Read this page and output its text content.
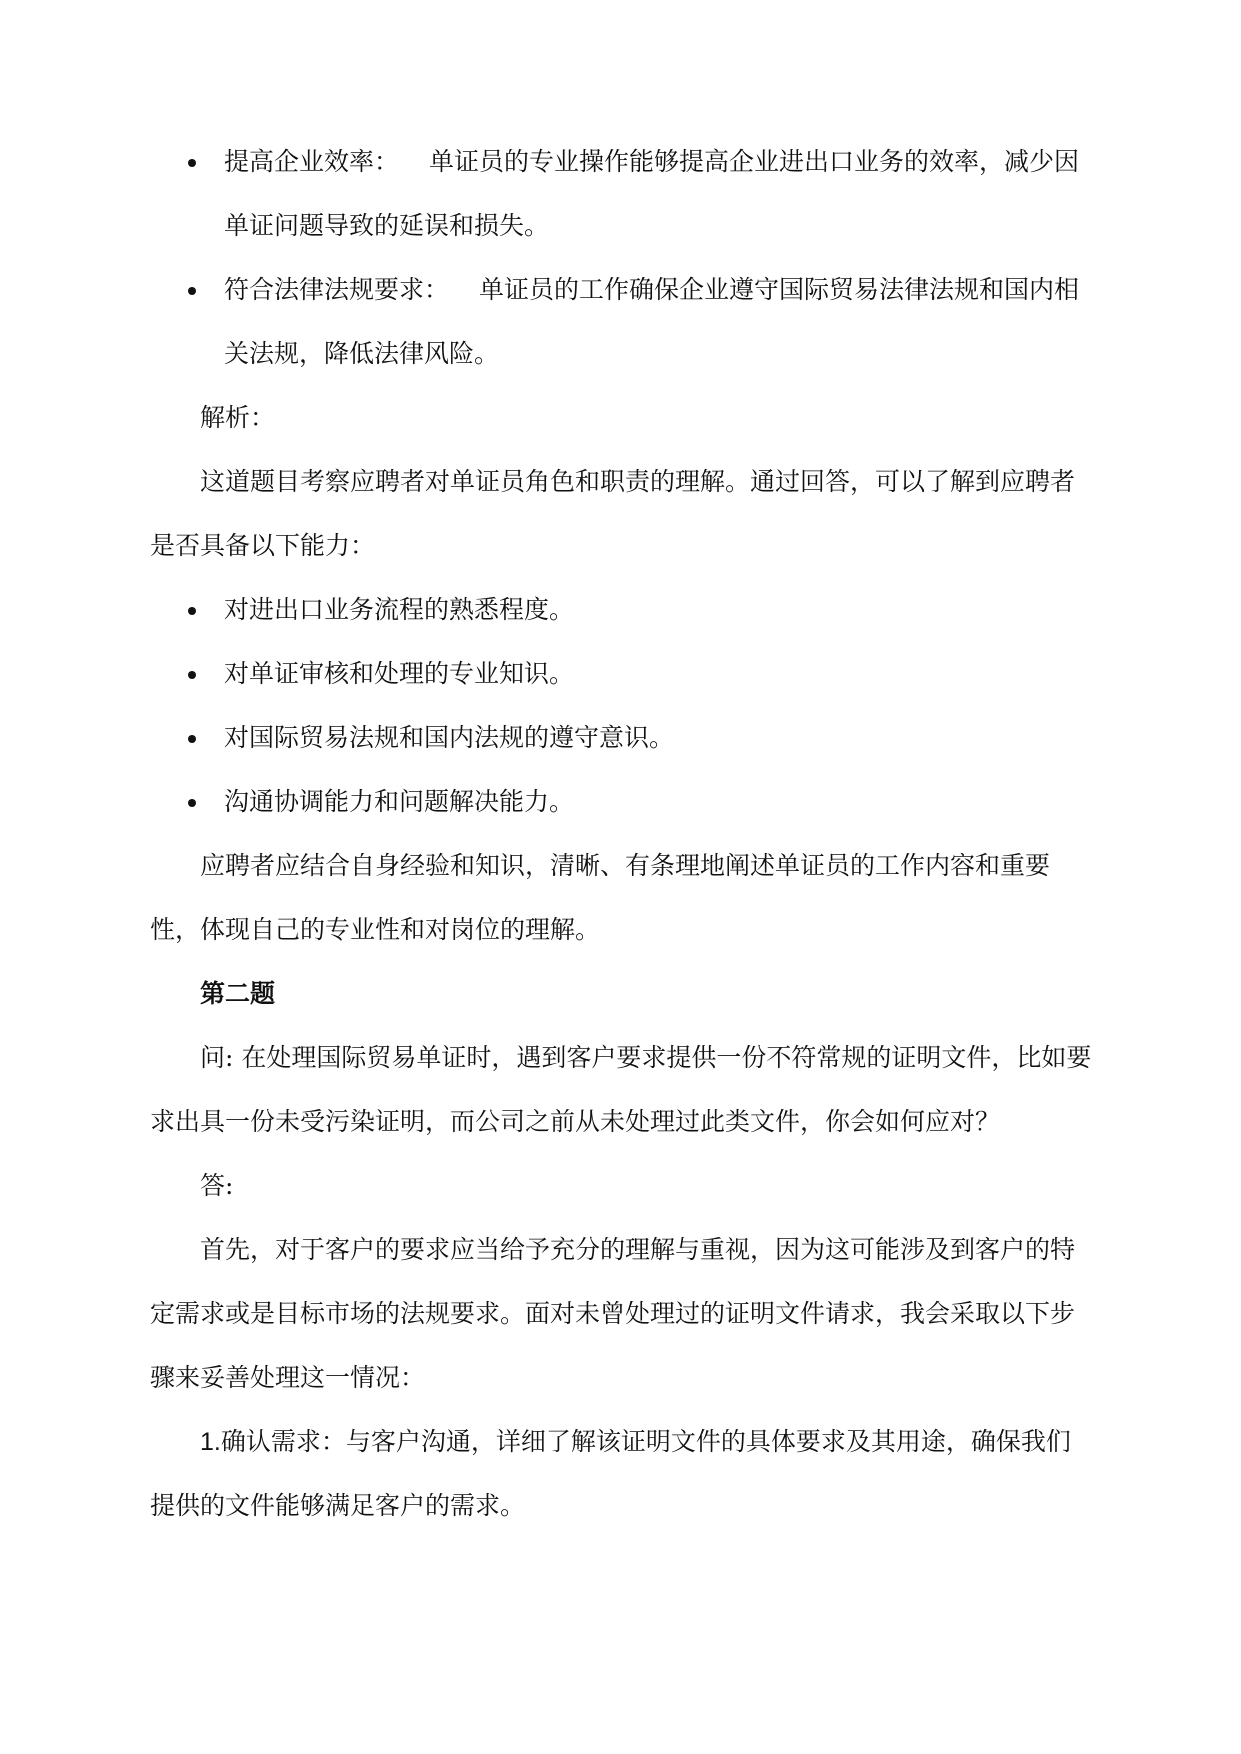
提高企业效率： 单证员的专业操作能够提高企业进出口业务的效率，减少因单证问题导致的延误和损失。
符合法律法规要求： 单证员的工作确保企业遵守国际贸易法律法规和国内相关法规，降低法律风险。
解析：
这道题目考察应聘者对单证员角色和职责的理解。通过回答，可以了解到应聘者是否具备以下能力：
对进出口业务流程的熟悉程度。
对单证审核和处理的专业知识。
对国际贸易法规和国内法规的遵守意识。
沟通协调能力和问题解决能力。
应聘者应结合自身经验和知识，清晰、有条理地阐述单证员的工作内容和重要性，体现自己的专业性和对岗位的理解。
第二题
问: 在处理国际贸易单证时，遇到客户要求提供一份不符常规的证明文件，比如要求出具一份未受污染证明，而公司之前从未处理过此类文件，你会如何应对？
答:
首先，对于客户的要求应当给予充分的理解与重视，因为这可能涉及到客户的特定需求或是目标市场的法规要求。面对未曾处理过的证明文件请求，我会采取以下步骤来妥善处理这一情况：
1.确认需求：与客户沟通，详细了解该证明文件的具体要求及其用途，确保我们提供的文件能够满足客户的需求。
